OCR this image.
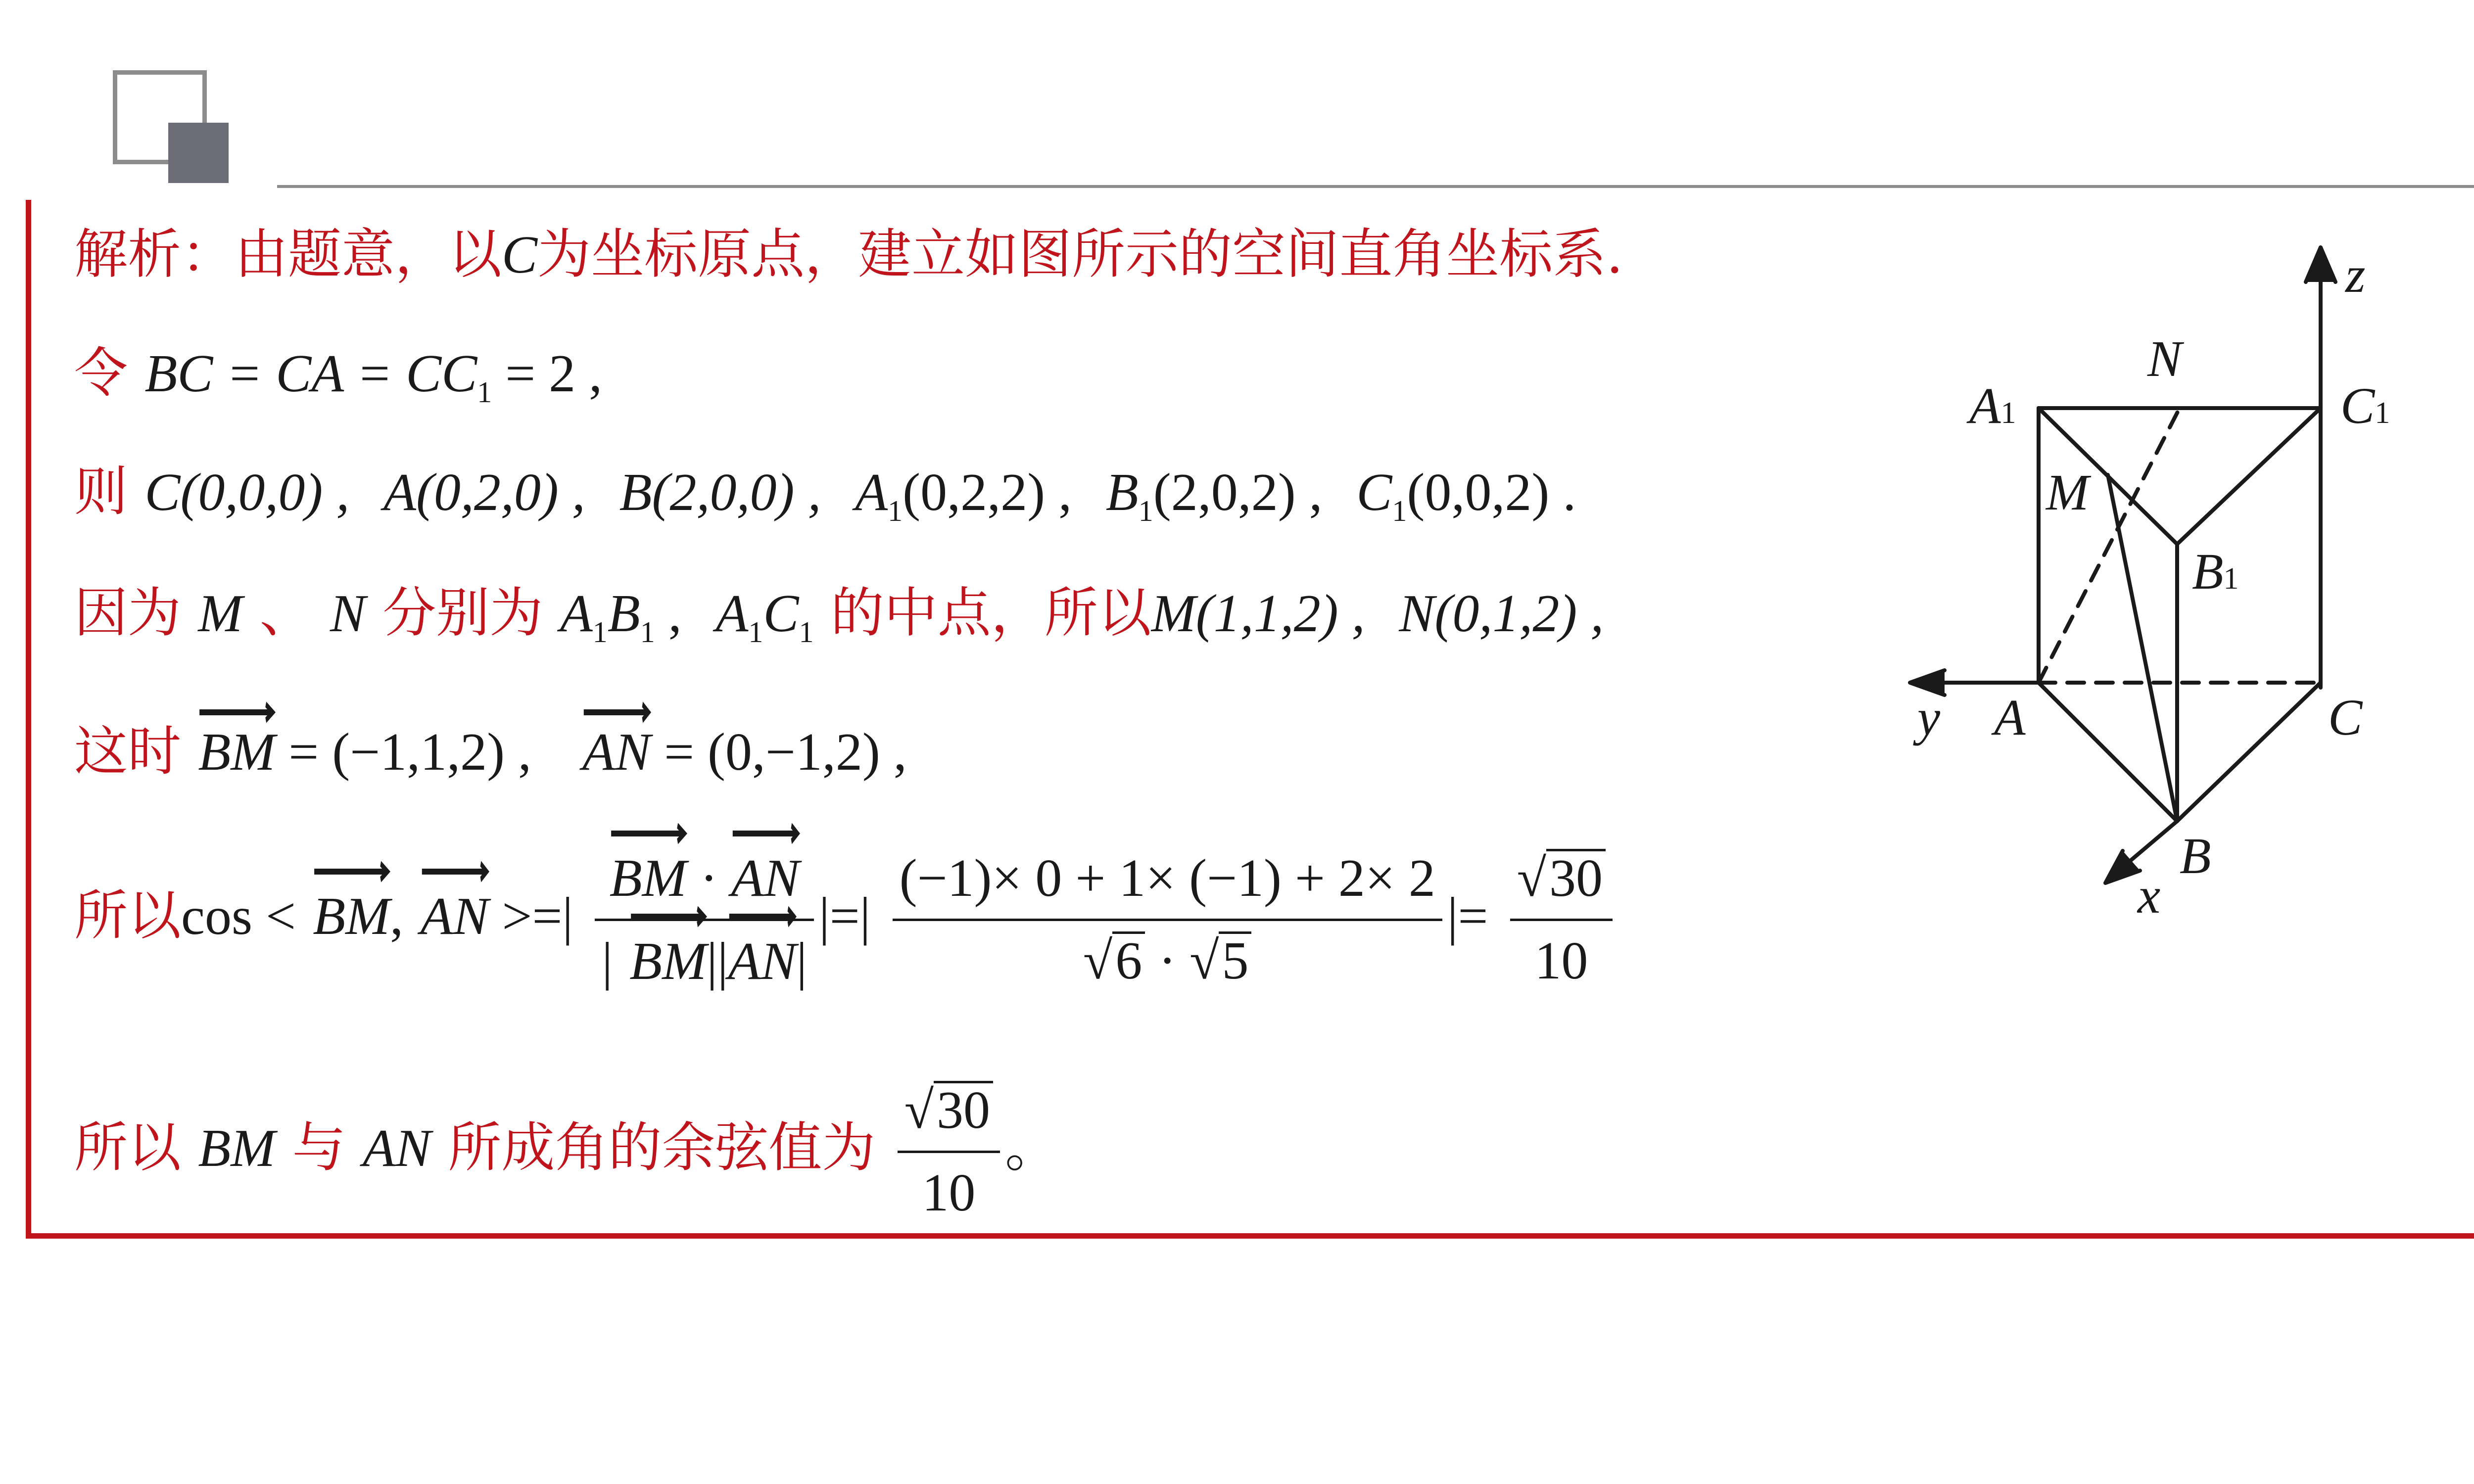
解析：由题意，以C为坐标原点，建立如图所示的空间直角坐标系.
令 BC = CA = $CC_1 = 2$ ,
则 C(0,0,0) , A(0,2,0) , B(2,0,0) , $A_1(0,2,2)$ , $B_1(2,0,2)$ , $C_1(0,0,2)$ .
因为 M 、 N 分别为 $A_1B_1$ , $A_1C_1$ 的中点，所以M(1,1,2) , N(0,1,2) ,
这时 BM = (−1,1,2) , AN = (0,−1,2) ,
所以cos < BM, AN >=|
BM ·
AN
| BM||
AN|
|=|
(−1)× 0 + 1× (−1) + 2× 2
√6 · √5
|=
√30
10
所以 BM 与 AN 所成角的余弦值为
√30
10
。
z
N
A1	C1
M
B1
y A	C
B
x
